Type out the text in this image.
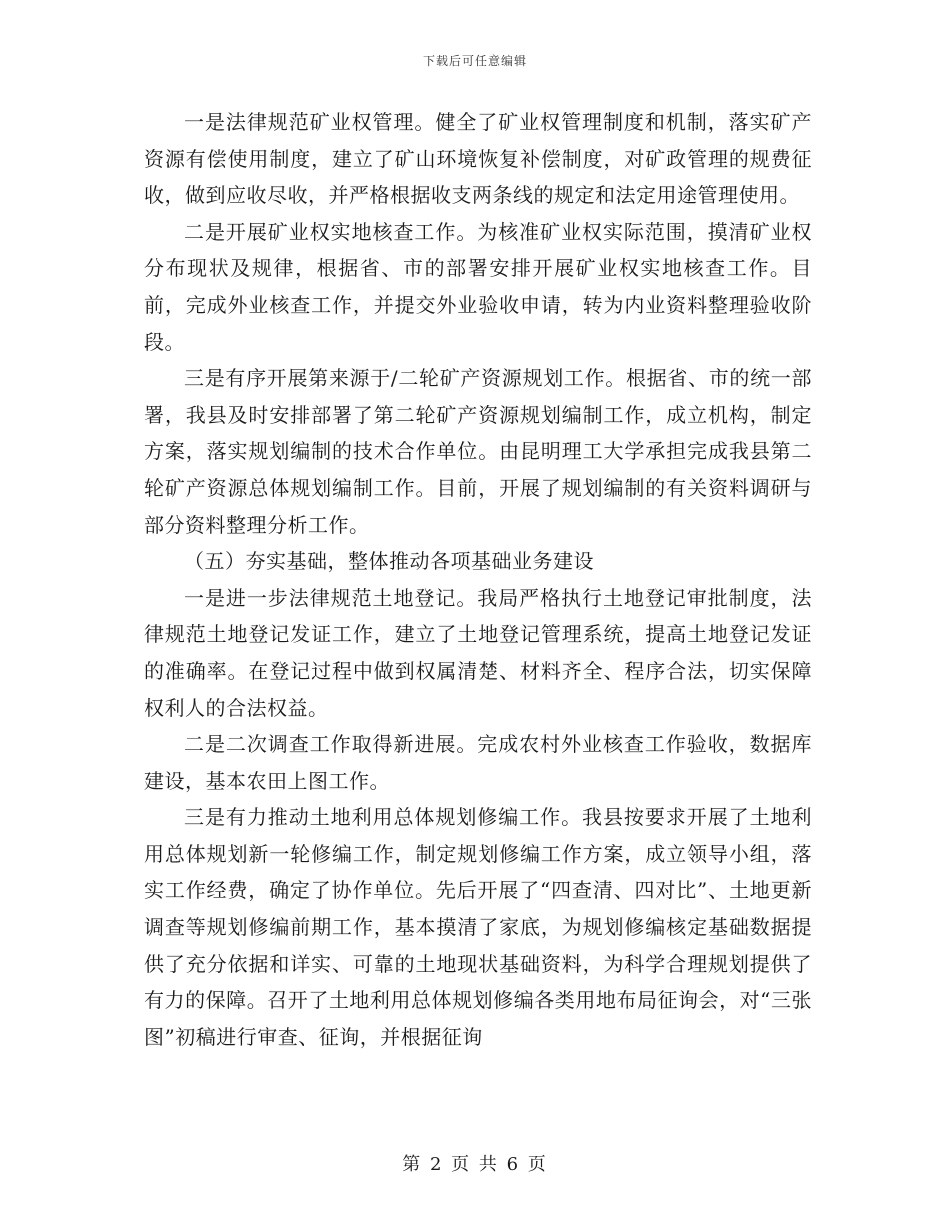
下载后可任意编辑

一是法律规范矿业权管理。健全了矿业权管理制度和机制，落实矿产资源有偿使用制度，建立了矿山环境恢复补偿制度，对矿政管理的规费征收，做到应收尽收，并严格根据收支两条线的规定和法定用途管理使用。

二是开展矿业权实地核查工作。为核准矿业权实际范围，摸清矿业权分布现状及规律，根据省、市的部署安排开展矿业权实地核查工作。目前，完成外业核查工作，并提交外业验收申请，转为内业资料整理验收阶段。

三是有序开展第来源于/二轮矿产资源规划工作。根据省、市的统一部署，我县及时安排部署了第二轮矿产资源规划编制工作，成立机构，制定方案，落实规划编制的技术合作单位。由昆明理工大学承担完成我县第二轮矿产资源总体规划编制工作。目前，开展了规划编制的有关资料调研与部分资料整理分析工作。

（五）夯实基础，整体推动各项基础业务建设

一是进一步法律规范土地登记。我局严格执行土地登记审批制度，法律规范土地登记发证工作，建立了土地登记管理系统，提高土地登记发证的准确率。在登记过程中做到权属清楚、材料齐全、程序合法，切实保障权利人的合法权益。

二是二次调查工作取得新进展。完成农村外业核查工作验收，数据库建设，基本农田上图工作。

三是有力推动土地利用总体规划修编工作。我县按要求开展了土地利用总体规划新一轮修编工作，制定规划修编工作方案，成立领导小组，落实工作经费，确定了协作单位。先后开展了“四查清、四对比”、土地更新调查等规划修编前期工作，基本摸清了家底，为规划修编核定基础数据提供了充分依据和详实、可靠的土地现状基础资料，为科学合理规划提供了有力的保障。召开了土地利用总体规划修编各类用地布局征询会，对“三张图”初稿进行审查、征询，并根据征询

第 2 页 共 6 页
